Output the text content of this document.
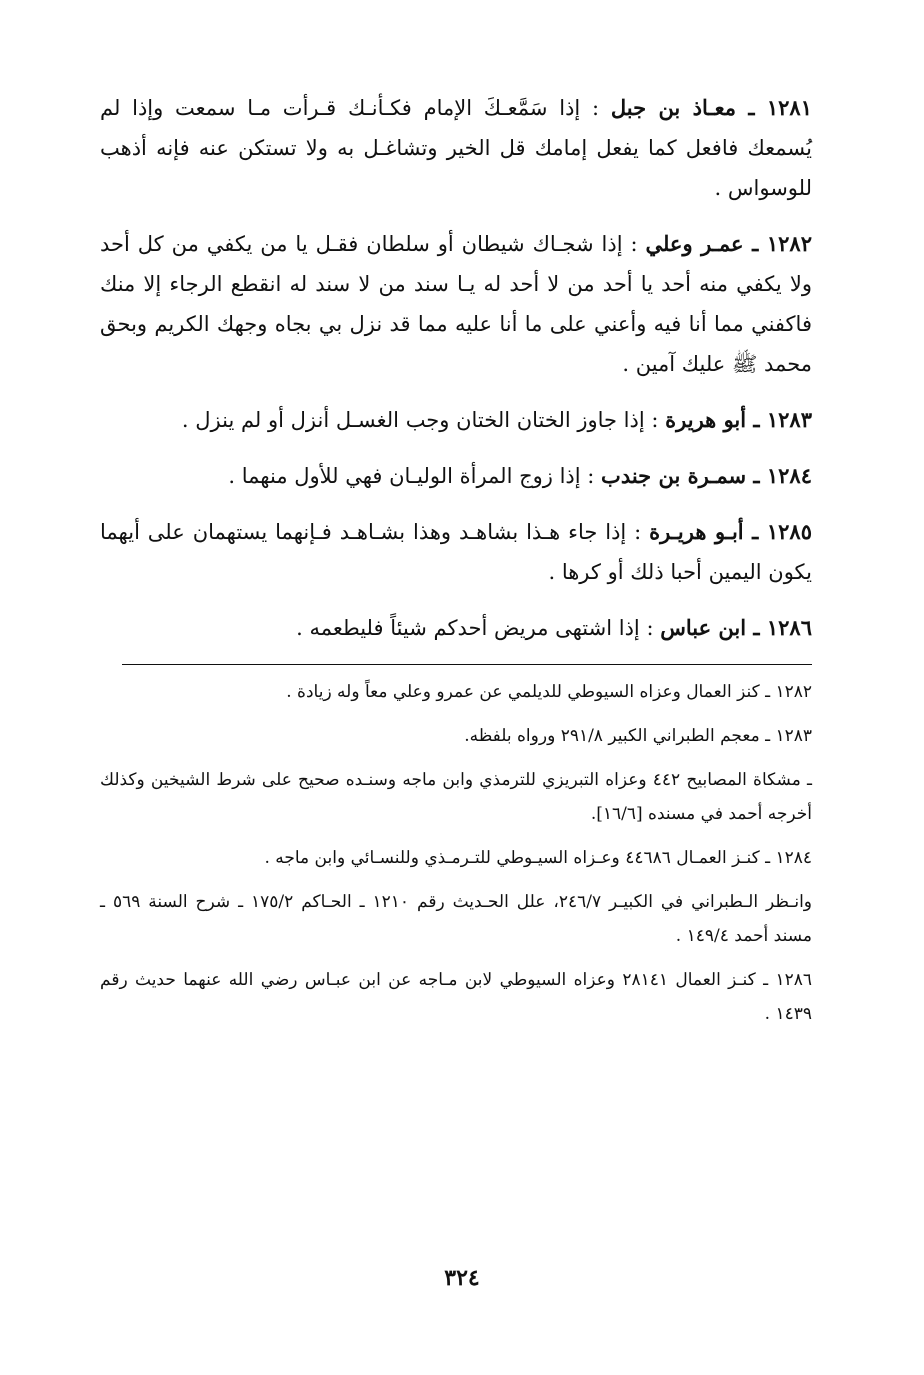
١٢٨١ ـ معـاذ بن جبل : إذا سَمَّعـكَ الإمام فكـأنـك قـرأت مـا سمعت وإذا لم يُسمعك فافعل كما يفعل إمامك قل الخير وتشاغـل به ولا تستكن عنه فإنه أذهب للوسواس .

١٢٨٢ ـ عمـر وعلي : إذا شجـاك شيطان أو سلطان فقـل يا من يكفي من كل أحد ولا يكفي منه أحد يا أحد من لا أحد له يـا سند من لا سند له انقطع الرجاء إلا منك فاكفني مما أنا فيه وأعني على ما أنا عليه مما قد نزل بي بجاه وجهك الكريم وبحق محمد ﷺ عليك آمين .

١٢٨٣ ـ أبو هريرة : إذا جاوز الختان الختان وجب الغسـل أنزل أو لم ينزل .

١٢٨٤ ـ سمـرة بن جندب : إذا زوج المرأة الوليـان فهي للأول منهما .

١٢٨٥ ـ أبـو هريـرة : إذا جاء هـذا بشاهـد وهذا بشـاهـد فـإنهما يستهمان على أيهما يكون اليمين أحبا ذلك أو كرها .

١٢٨٦ ـ ابن عباس : إذا اشتهى مريض أحدكم شيئاً فليطعمه .

١٢٨٢ ـ كنز العمال وعزاه السيوطي للديلمي عن عمرو وعلي معاً وله زيادة .

١٢٨٣ ـ معجم الطبراني الكبير ٢٩١/٨ ورواه بلفظه.

ـ مشكاة المصابيح ٤٤٢ وعزاه التبريزي للترمذي وابن ماجه وسنـده صحيح على شرط الشيخين وكذلك أخرجه أحمد في مسنده [١٦/٦].

١٢٨٤ ـ كنـز العمـال ٤٤٦٨٦ وعـزاه السيـوطي للتـرمـذي وللنسـائي وابن ماجه .

وانـظر الـطبراني في الكبيـر ٢٤٦/٧، علل الحـديث رقم ١٢١٠ ـ الحـاكم ١٧٥/٢ ـ شرح السنة ٥٦٩ ـ مسند أحمد ١٤٩/٤ .

١٢٨٦ ـ كنـز العمال ٢٨١٤١ وعزاه السيوطي لابن مـاجه عن ابن عبـاس رضي الله عنهما حديث رقم ١٤٣٩ .

٣٢٤
